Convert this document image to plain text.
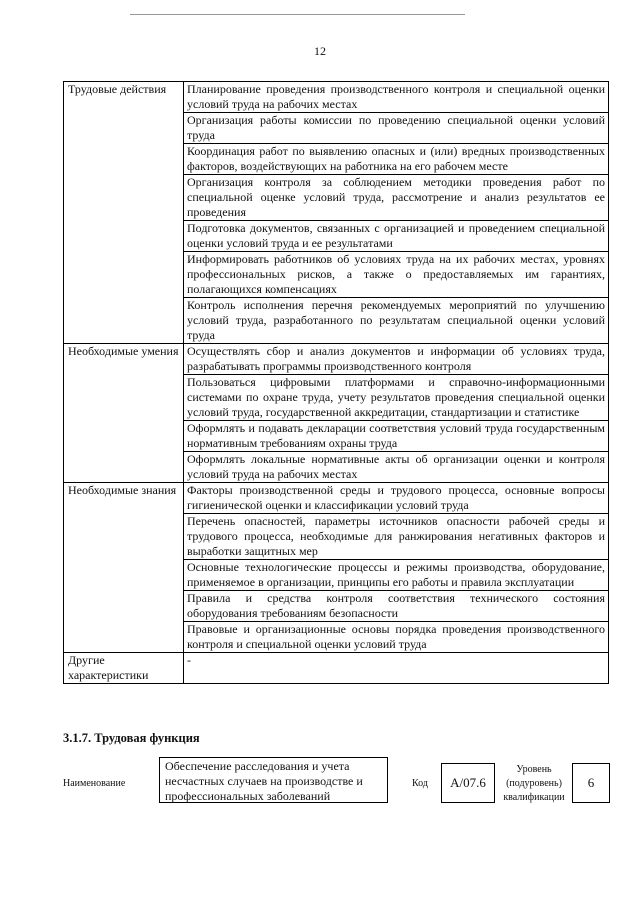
12
Трудовые действия	Планирование проведения производственного контроля и специальной оценки условий труда на рабочих местах
	Организация работы комиссии по проведению специальной оценки условий труда
	Координация работ по выявлению опасных и (или) вредных производственных факторов, воздействующих на работника на его рабочем месте
	Организация контроля за соблюдением методики проведения работ по специальной оценке условий труда, рассмотрение и анализ результатов ее проведения
	Подготовка документов, связанных с организацией и проведением специальной оценки условий труда и ее результатами
	Информировать работников об условиях труда на их рабочих местах, уровнях профессиональных рисков, а также о предоставляемых им гарантиях, полагающихся компенсациях
	Контроль исполнения перечня рекомендуемых мероприятий по улучшению условий труда, разработанного по результатам специальной оценки условий труда
Необходимые умения	Осуществлять сбор и анализ документов и информации об условиях труда, разрабатывать программы производственного контроля
	Пользоваться цифровыми платформами и справочно-информационными системами по охране труда, учету результатов проведения специальной оценки условий труда, государственной аккредитации, стандартизации и статистике
	Оформлять и подавать декларации соответствия условий труда государственным нормативным требованиям охраны труда
	Оформлять локальные нормативные акты об организации оценки и контроля условий труда на рабочих местах
Необходимые знания	Факторы производственной среды и трудового процесса, основные вопросы гигиенической оценки и классификации условий труда
	Перечень опасностей, параметры источников опасности рабочей среды и трудового процесса, необходимые для ранжирования негативных факторов и выработки защитных мер
	Основные технологические процессы и режимы производства, оборудование, применяемое в организации, принципы его работы и правила эксплуатации
	Правила и средства контроля соответствия технического состояния оборудования требованиям безопасности
	Правовые и организационные основы порядка проведения производственного контроля и специальной оценки условий труда
Другие характеристики	-
3.1.7. Трудовая функция
Наименование
Обеспечение расследования и учета несчастных случаев на производстве и профессиональных заболеваний
Код	A/07.6
Уровень
(подуровень)
квалификации
6
